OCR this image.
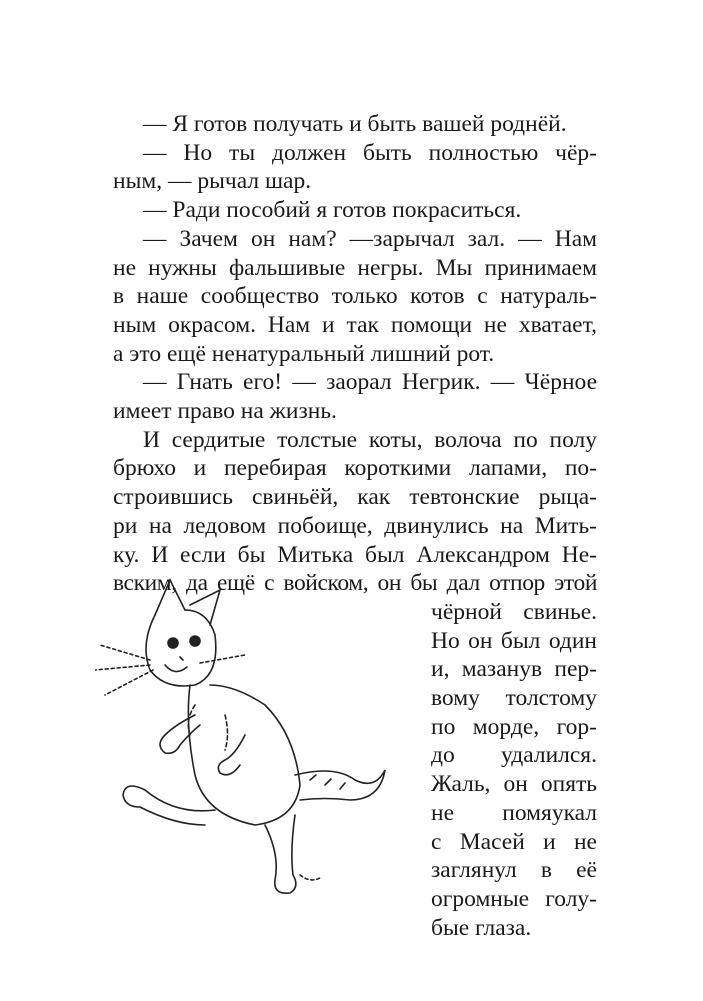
— Я готов получать и быть вашей роднёй.
— Но ты должен быть полностью чёр-
ным, — рычал шар.
— Ради пособий я готов покраситься.
— Зачем он нам? —зарычал зал. — Нам
не нужны фальшивые негры. Мы принимаем
в наше сообщество только котов с натураль-
ным окрасом. Нам и так помощи не хватает,
а это ещё ненатуральный лишний рот.
— Гнать его! — заорал Негрик. — Чёрное
имеет право на жизнь.
И сердитые толстые коты, волоча по полу
брюхо и перебирая короткими лапами, по-
строившись свиньёй, как тевтонские рыца-
ри на ледовом побоище, двинулись на Мить-
ку. И если бы Митька был Александром Не-
вским, да ещё с войском, он бы дал отпор этой
чёрной свинье.
Но он был один
и, мазанув пер-
вому толстому
по морде, гор-
до удалился.
Жаль, он опять
не помяукал
с Масей и не
заглянул в её
огромные голу-
бые глаза.
